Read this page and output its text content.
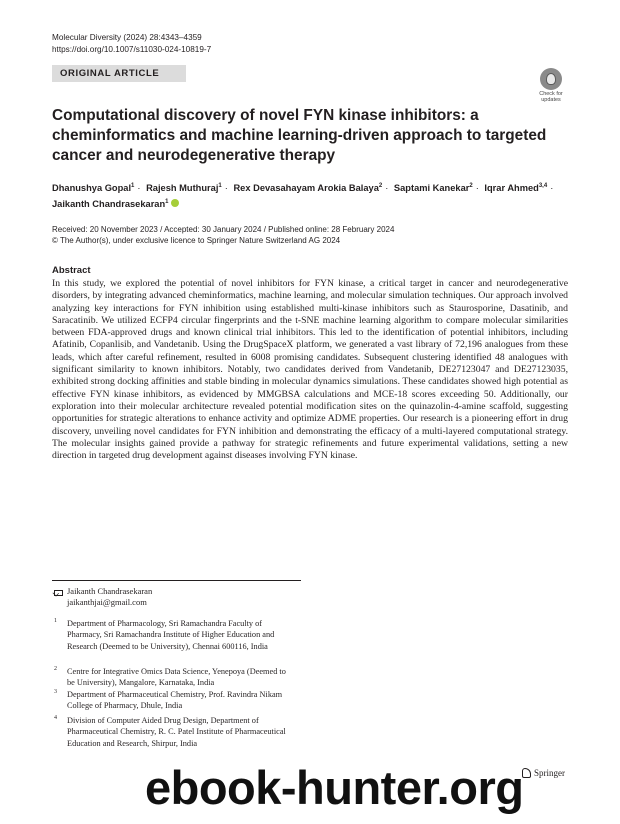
Molecular Diversity (2024) 28:4343–4359
https://doi.org/10.1007/s11030-024-10819-7
ORIGINAL ARTICLE
Check for updates
Computational discovery of novel FYN kinase inhibitors: a cheminformatics and machine learning-driven approach to targeted cancer and neurodegenerative therapy
Dhanushya Gopal$^1$ · Rajesh Muthuraj$^1$ · Rex Devasahayam Arokia Balaya$^2$ · Saptami Kanekar$^2$ · Iqrar Ahmed$^{3,4}$ ·
Jaikanth Chandrasekaran$^1$
Received: 20 November 2023 / Accepted: 30 January 2024 / Published online: 28 February 2024
© The Author(s), under exclusive licence to Springer Nature Switzerland AG 2024
Abstract

In this study, we explored the potential of novel inhibitors for FYN kinase, a critical target in cancer and neurodegenerative disorders, by integrating advanced cheminformatics, machine learning, and molecular simulation techniques. Our approach involved analyzing key interactions for FYN inhibition using established multi-kinase inhibitors such as Staurosporine, Dasatinib, and Saracatinib. We utilized ECFP4 circular fingerprints and the t-SNE machine learning algorithm to compare molecular similarities between FDA-approved drugs and known clinical trial inhibitors. This led to the identification of potential inhibitors, including Afatinib, Copanlisib, and Vandetanib. Using the DrugSpaceX platform, we generated a vast library of 72,196 analogues from these leads, which after careful refinement, resulted in 6008 promising candidates. Subsequent clustering identified 48 analogues with significant similarity to known inhibitors. Notably, two candidates derived from Vandetanib, DE27123047 and DE27123035, exhibited strong docking affinities and stable binding in molecular dynamics simulations. These candidates showed high potential as effective FYN kinase inhibitors, as evidenced by MMGBSA calculations and MCE-18 scores exceeding 50. Additionally, our exploration into their molecular architecture revealed potential modification sites on the quinazolin-4-amine scaffold, suggesting opportunities for strategic alterations to enhance activity and optimize ADME properties. Our research is a pioneering effort in drug discovery, unveiling novel candidates for FYN inhibition and demonstrating the efficacy of a multi-layered computational strategy. The molecular insights gained provide a pathway for strategic refinements and future experimental validations, setting a new direction in targeted drug development against diseases involving FYN kinase.

Jaikanth Chandrasekaran
jaikanthjai@gmail.com
1 Department of Pharmacology, Sri Ramachandra Faculty of Pharmacy, Sri Ramachandra Institute of Higher Education and Research (Deemed to be University), Chennai 600116, India
2 Centre for Integrative Omics Data Science, Yenepoya (Deemed to be University), Mangalore, Karnataka, India
3 Department of Pharmaceutical Chemistry, Prof. Ravindra Nikam College of Pharmacy, Dhule, India
4 Division of Computer Aided Drug Design, Department of Pharmaceutical Chemistry, R. C. Patel Institute of Pharmaceutical Education and Research, Shirpur, India
Springer
ebook-hunter.org
